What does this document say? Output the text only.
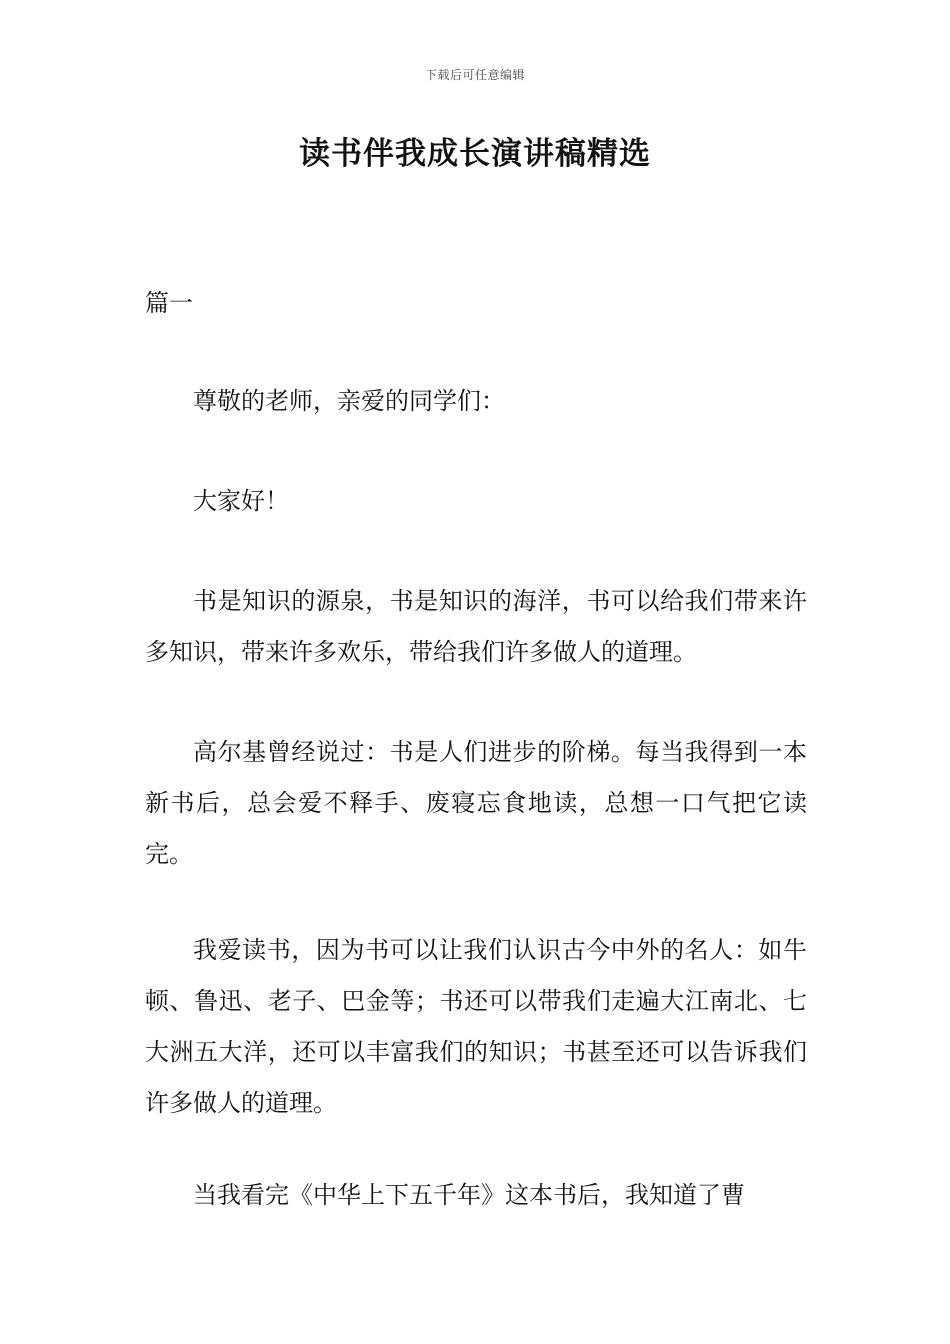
下载后可任意编辑
读书伴我成长演讲稿精选
篇一

尊敬的老师，亲爱的同学们：

大家好！

书是知识的源泉，书是知识的海洋，书可以给我们带来许多知识，带来许多欢乐，带给我们许多做人的道理。

高尔基曾经说过：书是人们进步的阶梯。每当我得到一本新书后，总会爱不释手、废寝忘食地读，总想一口气把它读完。

我爱读书，因为书可以让我们认识古今中外的名人：如牛顿、鲁迅、老子、巴金等；书还可以带我们走遍大江南北、七大洲五大洋，还可以丰富我们的知识；书甚至还可以告诉我们许多做人的道理。

当我看完《中华上下五千年》这本书后，我知道了曹
